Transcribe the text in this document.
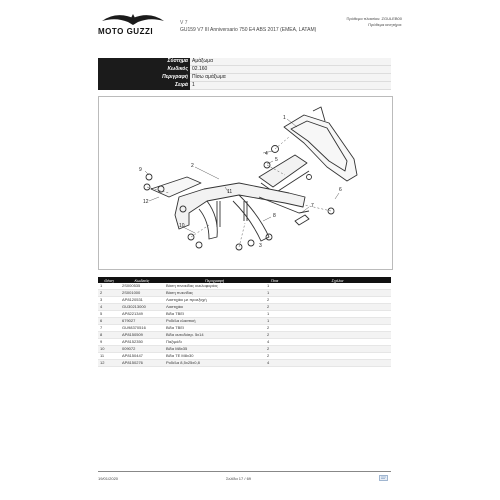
MOTO GUZZI
V 7
GU159 V7 III Anniversario 750 E4 ABS 2017 (EMEA, LATAM)
Πρόθεμα πλαισίου: ZGULEB00
Πρόθεμα κινητήρα:
Σύστημα	Αμάξωμα
Κωδικός	02.160
Περιγραφή	Πίσω αμάξωμα
Σειρά	1
1
2
4
5
6
7
8
9
10
11
12
3
Θέση	Κωδικός	Περιγραφή	Ποσ	Σχόλια
1	2S000535	Βάση πινακίδας κυκλοφορίας	1	
2	2S001000	Βάση πυκνίδας	1	
3	AP8120531	Λαστιχάκι με προεξοχή	2	
4	GU30213000	Λαστιχάκι	2	
5	AP8221349	Βίδα TBEI	1	
6	679027	Ροδέλα ελαστική	1	
7	GU98370516	Βίδα TBEI	2	
8	AP8150509	Βίδα αυτοδιάτρ. 5x14	2	
9	AP8152350	Παξιμάδι	4	
10	009072	Βίδα M8x35	2	
11	AP8150447	Βίδα TE M8x30	2	
12	AP8150276	Ροδέλα 8,5x25x0,8	4	
19/01/2020	Σελίδα 17 / 69
